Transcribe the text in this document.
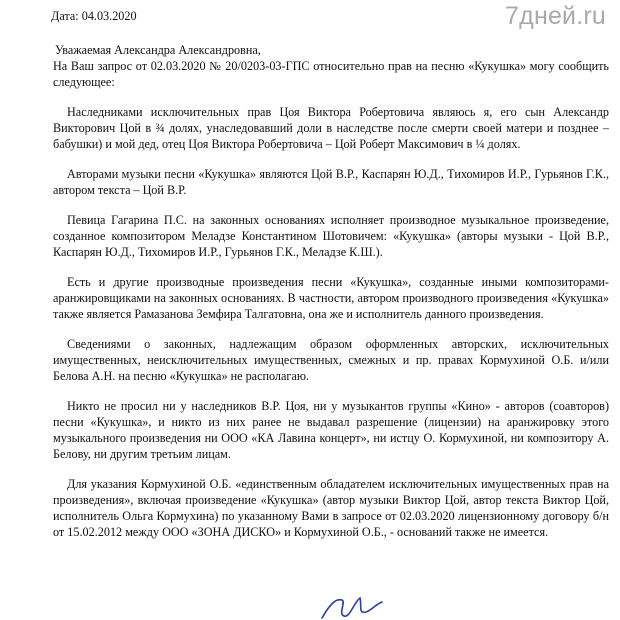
Дата: 04.03.2020	7дней.ru
Уважаемая Александра Александровна,

На Ваш запрос от 02.03.2020 № 20/0203-03-ГПС относительно прав на песню «Кукушка» могу сообщить следующее:

Наследниками исключительных прав Цоя Виктора Робертовича являюсь я, его сын Александр Викторович Цой в ¾ долях, унаследовавший доли в наследстве после смерти своей матери и позднее – бабушки) и мой дед, отец Цоя Виктора Робертовича – Цой Роберт Максимович в ¼ долях.

Авторами музыки песни «Кукушка» являются Цой В.Р., Каспарян Ю.Д., Тихомиров И.Р., Гурьянов Г.К., автором текста – Цой В.Р.

Певица Гагарина П.С. на законных основаниях исполняет производное музыкальное произведение, созданное композитором Меладзе Константином Шотовичем: «Кукушка» (авторы музыки - Цой В.Р., Каспарян Ю.Д., Тихомиров И.Р., Гурьянов Г.К., Меладзе К.Ш.).

Есть и другие производные произведения песни «Кукушка», созданные иными композиторами-аранжировщиками на законных основаниях. В частности, автором производного произведения «Кукушка» также является Рамазанова Земфира Талгатовна, она же и исполнитель данного произведения.

Сведениями о законных, надлежащим образом оформленных авторских, исключительных имущественных, неисключительных имущественных, смежных и пр. правах Кормухиной О.Б. и/или Белова А.Н. на песню «Кукушка» не располагаю.

Никто не просил ни у наследников В.Р. Цоя, ни у музыкантов группы «Кино» - авторов (соавторов) песни «Кукушка», и никто из них ранее не выдавал разрешение (лицензии) на аранжировку этого музыкального произведения ни ООО «КА Лавина концерт», ни истцу О. Кормухиной, ни композитору А. Белову, ни другим третьим лицам.

Для указания Кормухиной О.Б. «единственным обладателем исключительных имущественных прав на произведения», включая произведение «Кукушка» (автор музыки Виктор Цой, автор текста Виктор Цой, исполнитель Ольга Кормухина) по указанному Вами в запросе от 02.03.2020 лицензионному договору б/н от 15.02.2012 между ООО «ЗОНА ДИСКО» и Кормухиной О.Б., - оснований также не имеется.
